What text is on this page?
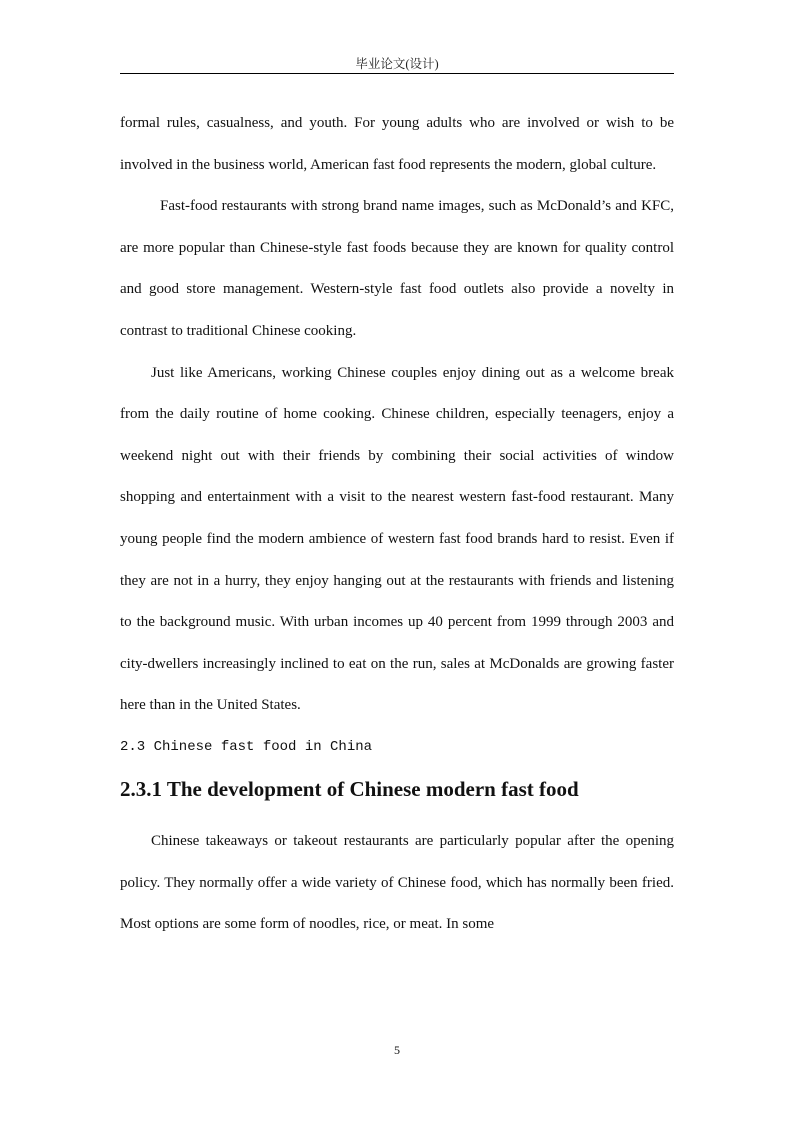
毕业论文(设计)

formal rules, casualness, and youth. For young adults who are involved or wish to be involved in the business world, American fast food represents the modern, global culture.

Fast-food restaurants with strong brand name images, such as McDonald’s and KFC, are more popular than Chinese-style fast foods because they are known for quality control and good store management. Western-style fast food outlets also provide a novelty in contrast to traditional Chinese cooking.

Just like Americans, working Chinese couples enjoy dining out as a welcome break from the daily routine of home cooking. Chinese children, especially teenagers, enjoy a weekend night out with their friends by combining their social activities of window shopping and entertainment with a visit to the nearest western fast-food restaurant. Many young people find the modern ambience of western fast food brands hard to resist. Even if they are not in a hurry, they enjoy hanging out at the restaurants with friends and listening to the background music. With urban incomes up 40 percent from 1999 through 2003 and city-dwellers increasingly inclined to eat on the run, sales at McDonalds are growing faster here than in the United States.

2.3 Chinese fast food in China
2.3.1 The development of Chinese modern fast food

Chinese takeaways or takeout restaurants are particularly popular after the opening policy. They normally offer a wide variety of Chinese food, which has normally been fried. Most options are some form of noodles, rice, or meat. In some

5
